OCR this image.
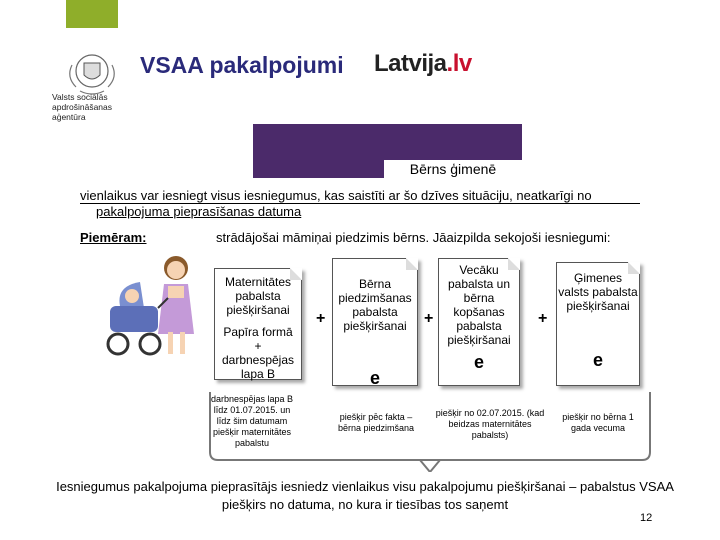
Valsts sociālās apdrošināšanas aģentūra
VSAA pakalpojumi Latvija.lv
Bērns ģimenē
vienlaikus var iesniegt visus iesniegumus, kas saistīti ar šo dzīves situāciju, neatkarīgi no
pakalpojuma pieprasīšanas datuma
Piemēram:	strādājošai māmiņai piedzimis bērns. Jāaizpilda sekojoši iesniegumi:
Maternitātes pabalsta piešķiršanai
Papīra formā
+
darbnespējas lapa B
darbnespējas lapa B līdz 01.07.2015. un līdz šim datumam piešķir maternitātes pabalstu
+
Bērna piedzimšanas pabalsta piešķiršanai
e
piešķir pēc fakta – bērna piedzimšana
+
Vecāku pabalsta un bērna kopšanas pabalsta piešķiršanai
e
piešķir no 02.07.2015. (kad beidzas maternitātes pabalsts)
+
Ģimenes valsts pabalsta piešķiršanai
e
piešķir no bērna 1 gada vecuma
Iesniegumus pakalpojuma pieprasītājs iesniedz vienlaikus visu pakalpojumu piešķiršanai – pabalstus VSAA piešķirs no datuma, no kura ir tiesības tos saņemt
12
